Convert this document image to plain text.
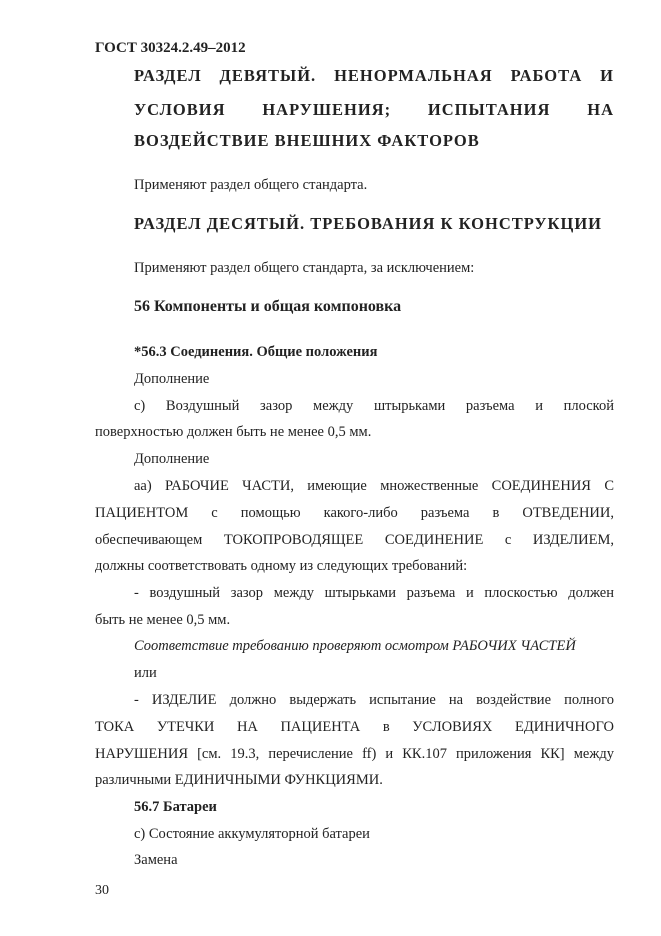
ГОСТ 30324.2.49–2012
РАЗДЕЛ ДЕВЯТЫЙ. НЕНОРМАЛЬНАЯ РАБОТА И
УСЛОВИЯ НАРУШЕНИЯ; ИСПЫТАНИЯ НА
ВОЗДЕЙСТВИЕ ВНЕШНИХ ФАКТОРОВ
Применяют раздел общего стандарта.
РАЗДЕЛ ДЕСЯТЫЙ. ТРЕБОВАНИЯ К КОНСТРУКЦИИ
Применяют раздел общего стандарта, за исключением:
56 Компоненты и общая компоновка
*56.3 Соединения. Общие положения
Дополнение
c) Воздушный зазор между штырьками разъема и плоской
поверхностью должен быть не менее 0,5 мм.
Дополнение
аа) РАБОЧИЕ ЧАСТИ, имеющие множественные СОЕДИНЕНИЯ С
ПАЦИЕНТОМ с помощью какого-либо разъема в ОТВЕДЕНИИ,
обеспечивающем ТОКОПРОВОДЯЩЕЕ СОЕДИНЕНИЕ с ИЗДЕЛИЕМ,
должны соответствовать одному из следующих требований:
- воздушный зазор между штырьками разъема и плоскостью должен
быть не менее 0,5 мм.
Соответствие требованию проверяют осмотром РАБОЧИХ ЧАСТЕЙ
или
- ИЗДЕЛИЕ должно выдержать испытание на воздействие полного
ТОКА УТЕЧКИ НА ПАЦИЕНТА в УСЛОВИЯХ ЕДИНИЧНОГО
НАРУШЕНИЯ [см. 19.3, перечисление ff) и КК.107 приложения КК] между
различными ЕДИНИЧНЫМИ ФУНКЦИЯМИ.
56.7 Батареи
c) Состояние аккумуляторной батареи
Замена
30
